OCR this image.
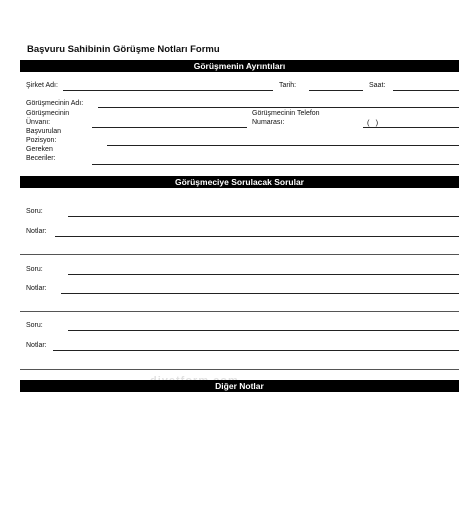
Başvuru Sahibinin Görüşme Notları Formu
Görüşmenin Ayrıntıları
Şirket Adı:	Tarih:	Saat:
Görüşmecinin Adı:
Görüşmecinin
Ünvanı:
Görüşmecinin Telefon
Numarası:	( )
Başvurulan
Pozisyon:
Gereken
Beceriler:
Görüşmeciye Sorulacak Sorular
Soru:
Notlar:
Soru:
Notlar:
Soru:
Notlar:
Diğer Notlar
